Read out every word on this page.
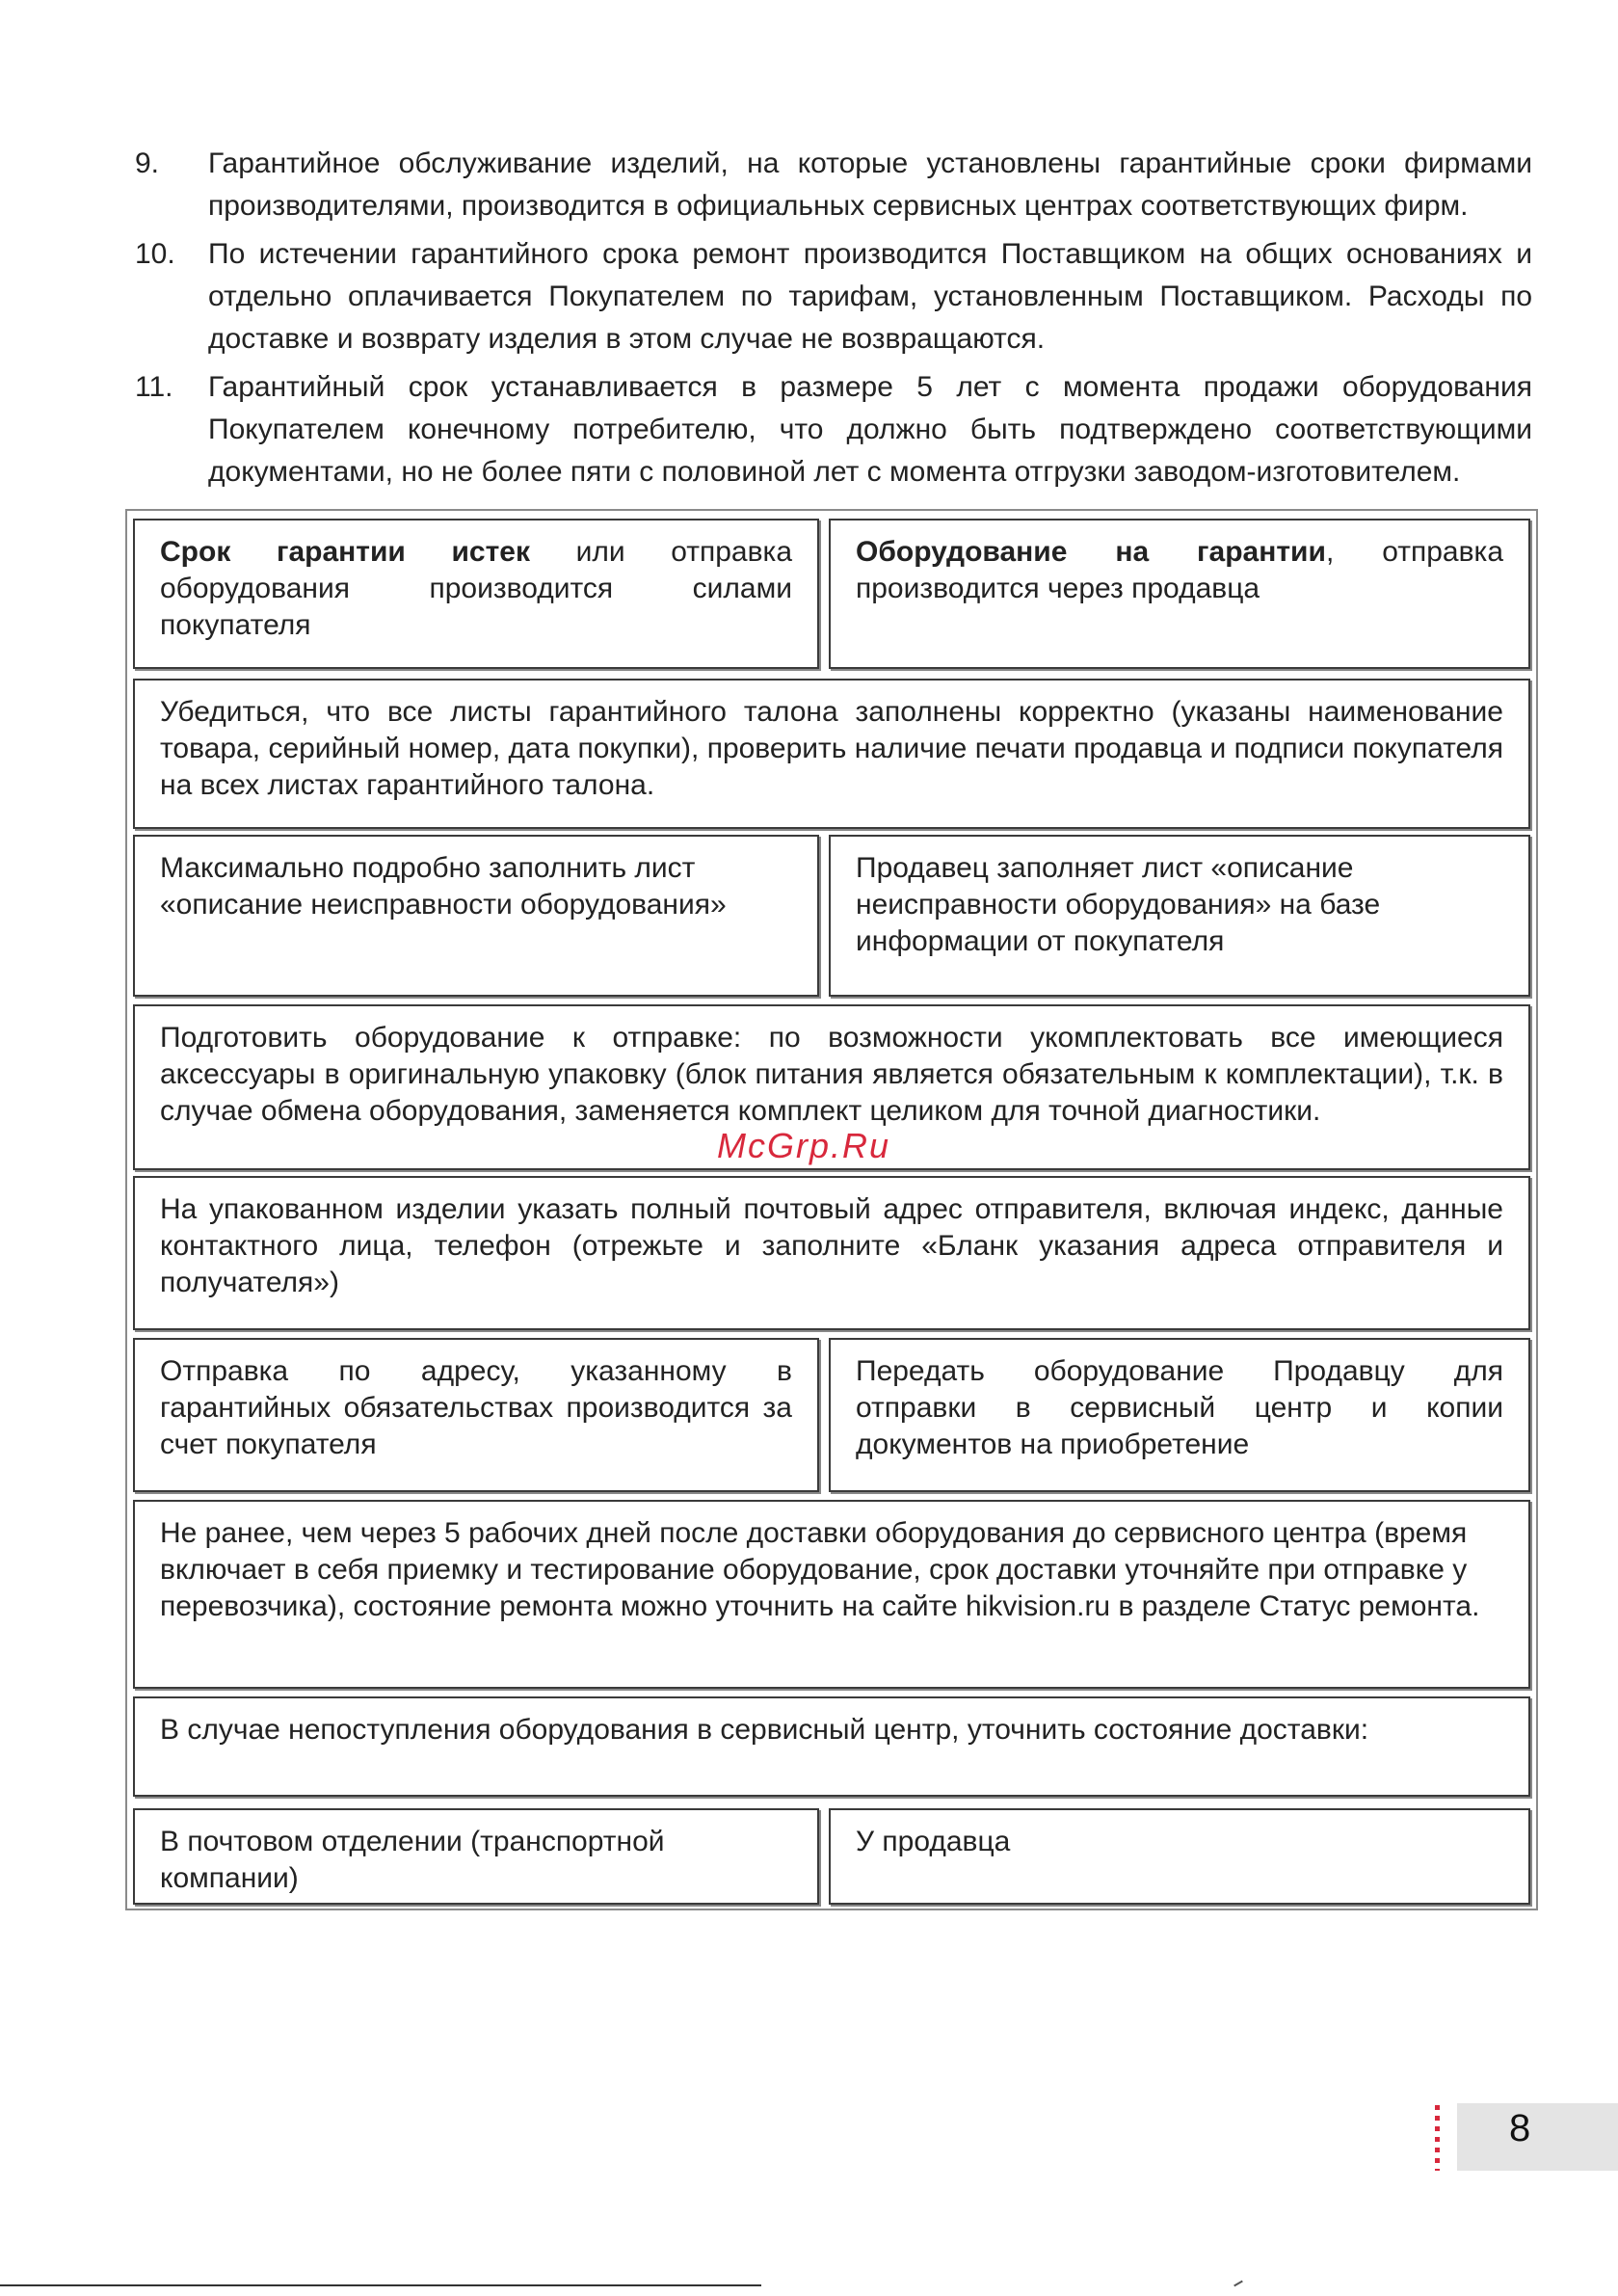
9. Гарантийное обслуживание изделий, на которые установлены гарантийные сроки фирмами производителями, производится в официальных сервисных центрах соответствующих фирм.
10. По истечении гарантийного срока ремонт производится Поставщиком на общих основаниях и отдельно оплачивается Покупателем по тарифам, установленным Поставщиком. Расходы по доставке и возврату изделия в этом случае не возвращаются.
11. Гарантийный срок устанавливается в размере 5 лет с момента продажи оборудования Покупателем конечному потребителю, что должно быть подтверждено соответствующими документами, но не более пяти с половиной лет с момента отгрузки заводом-изготовителем.
Срок гарантии истек или отправка оборудования производится силами покупателя
Оборудование на гарантии, отправка производится через продавца
Убедиться, что все листы гарантийного талона заполнены корректно (указаны наименование товара, серийный номер, дата покупки), проверить наличие печати продавца и подписи покупателя на всех листах гарантийного талона.
Максимально подробно заполнить лист «описание неисправности оборудования»
Продавец заполняет лист «описание неисправности оборудования» на базе информации от покупателя
Подготовить оборудование к отправке: по возможности укомплектовать все имеющиеся аксессуары в оригинальную упаковку (блок питания является обязательным к комплектации), т.к. в случае обмена оборудования, заменяется комплект целиком для точной диагностики.
McGrp.Ru
На упакованном изделии указать полный почтовый адрес отправителя, включая индекс, данные контактного лица, телефон (отрежьте и заполните «Бланк указания адреса отправителя и получателя»)
Отправка по адресу, указанному в гарантийных обязательствах производится за счет покупателя
Передать оборудование Продавцу для отправки в сервисный центр и копии документов на приобретение
Не ранее, чем через 5 рабочих дней после доставки оборудования до сервисного центра (время включает в себя приемку и тестирование оборудование, срок доставки уточняйте при отправке у перевозчика), состояние ремонта можно уточнить на сайте hikvision.ru в разделе Статус ремонта.
В случае непоступления оборудования в сервисный центр, уточнить состояние доставки:
В почтовом отделении (транспортной компании)
У продавца
8
